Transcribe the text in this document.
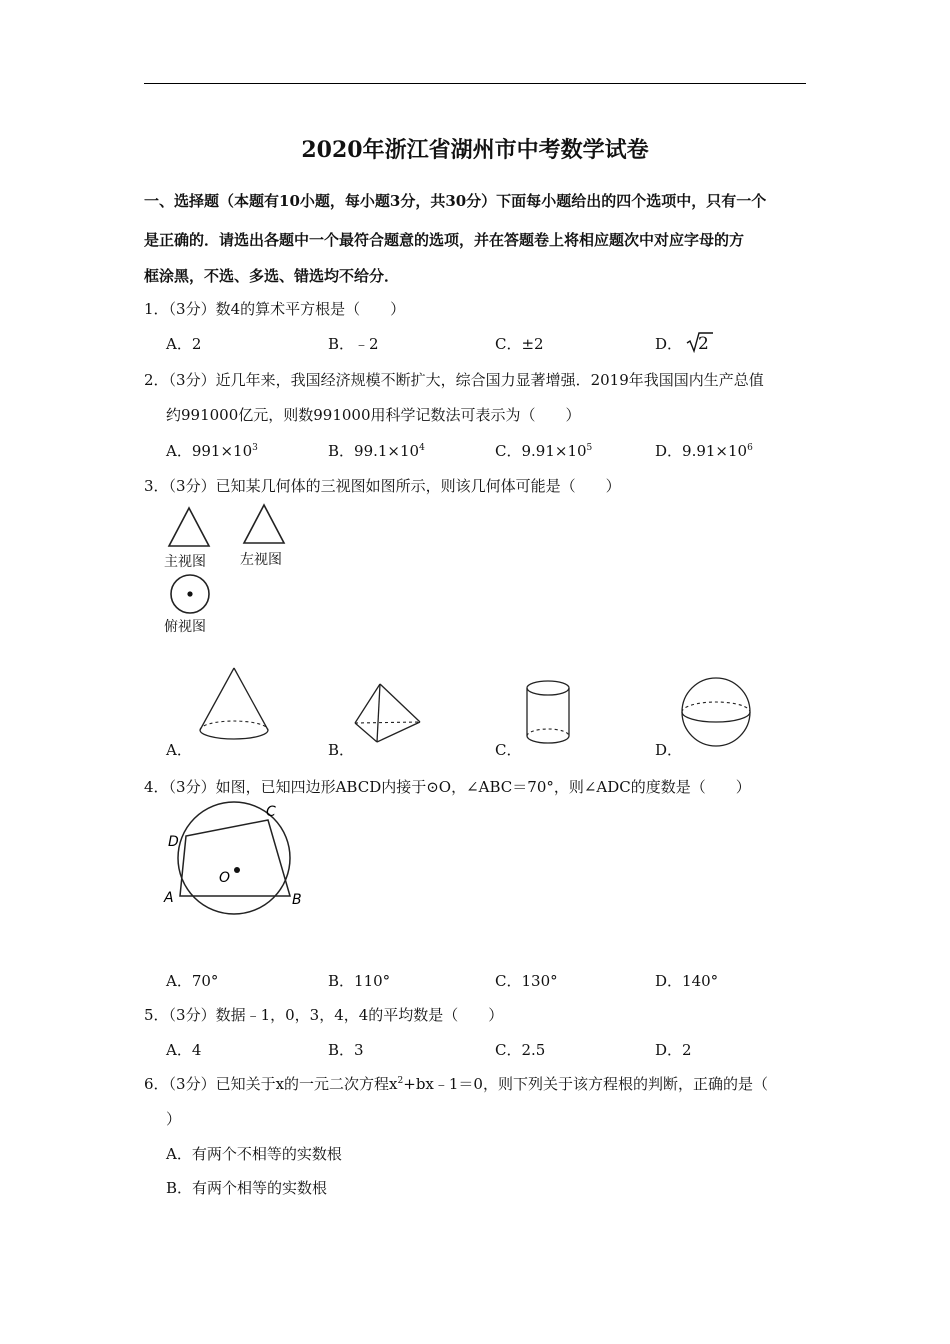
2020年浙江省湖州市中考数学试卷
一、选择题（本题有10小题，每小题3分，共30分）下面每小题给出的四个选项中，只有一个
是正确的．请选出各题中一个最符合题意的选项，并在答题卷上将相应题次中对应字母的方
框涂黑，不选、多选、错选均不给分．
1．（3分）数4的算术平方根是（　　）
A．2	B．﹣2	C．±2	D． 2
2．（3分）近几年来，我国经济规模不断扩大，综合国力显著增强．2019年我国国内生产总值
约991000亿元，则数991000用科学记数法可表示为（　　）
A．$991\times 10^3$	B．$99.1\times 10^4$	C．$9.91\times 10^5$	D．$9.91\times 10^6$
3．（3分）已知某几何体的三视图如图所示，则该几何体可能是（　　）
主视图 左视图
俯视图
A．	B．	C．	D．
4．（3分）如图，已知四边形ABCD内接于⊙O，∠ABC＝70°，则∠ADC的度数是（　　）
A	B
C
D
O
A．70°	B．110°	C．130°	D．140°
5．（3分）数据﹣1，0，3，4，4的平均数是（　　）
A．4	B．3	C．2.5	D．2
6．（3分）已知关于x的一元二次方程$x^2+bx﹣1=0$，则下列关于该方程根的判断，正确的是（
）
A．有两个不相等的实数根
B．有两个相等的实数根
